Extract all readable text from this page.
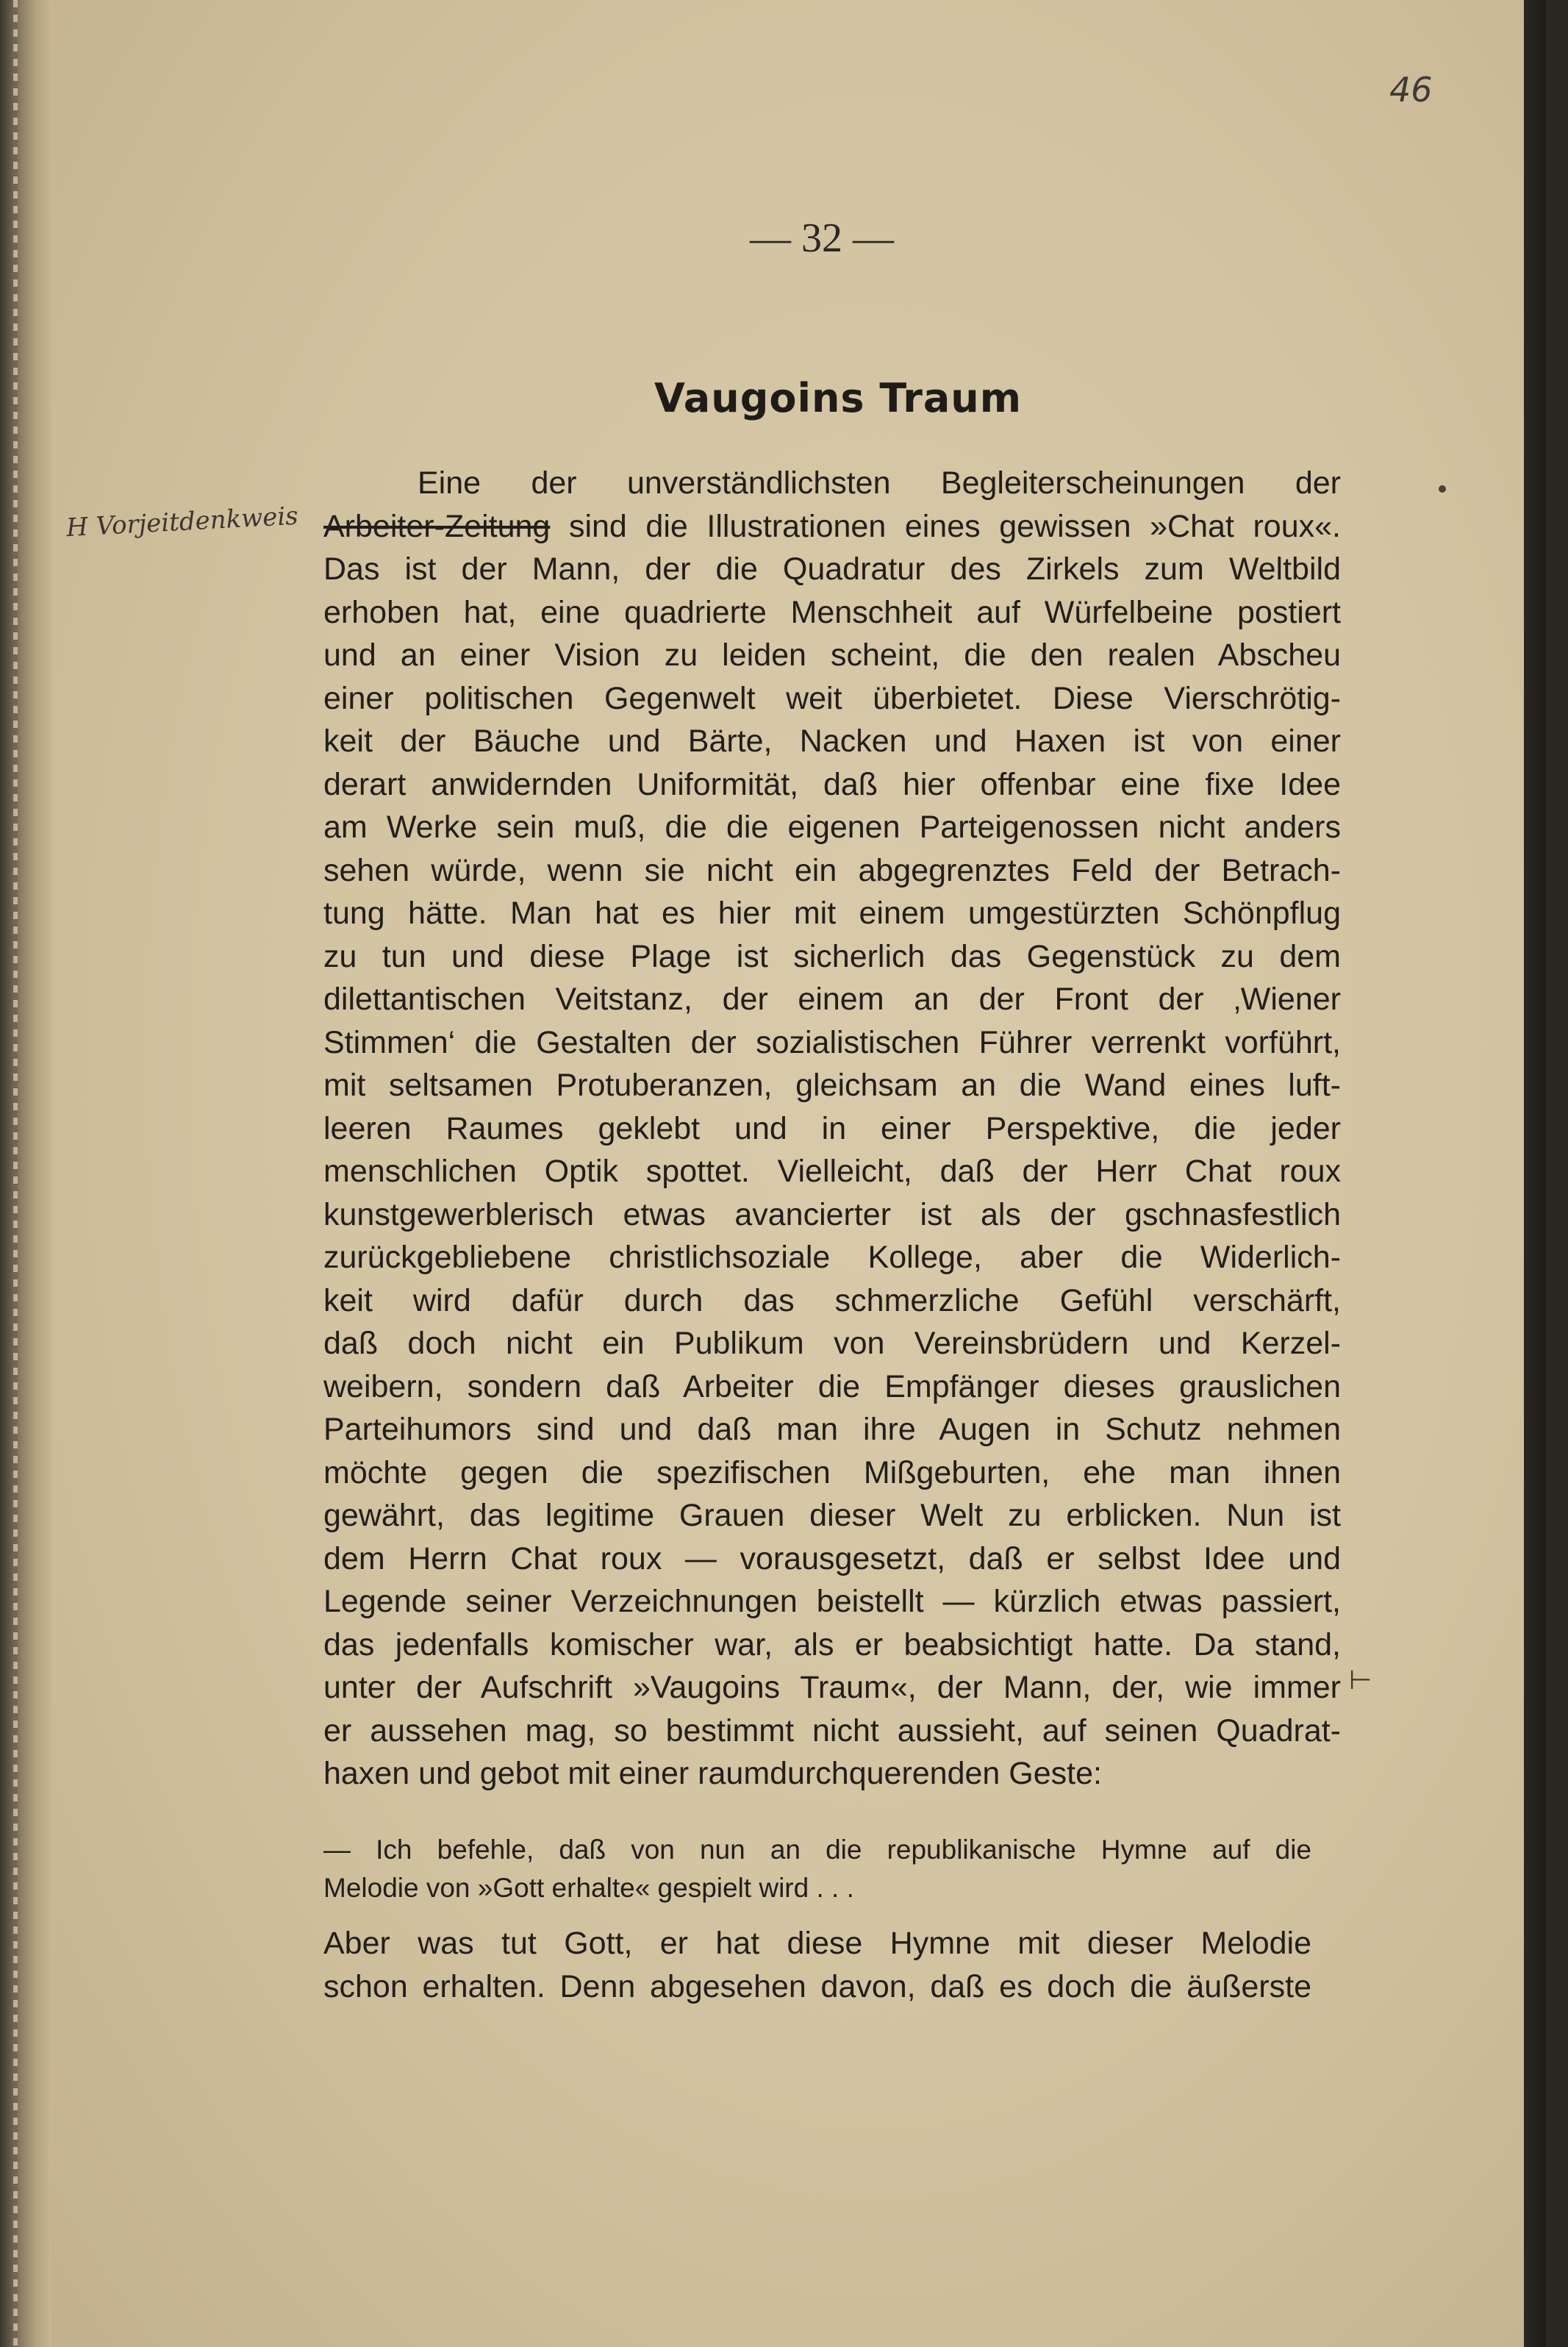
46
— 32 —
Vaugoins Traum
H Vorjeitdenkweis
⊢
Eine der unverständlichsten Begleiterscheinungen der
Arbeiter-Zeitung sind die Illustrationen eines gewissen »Chat roux«.
Das ist der Mann, der die Quadratur des Zirkels zum Weltbild
erhoben hat, eine quadrierte Menschheit auf Würfelbeine postiert
und an einer Vision zu leiden scheint, die den realen Abscheu
einer politischen Gegenwelt weit überbietet. Diese Vierschrötig-
keit der Bäuche und Bärte, Nacken und Haxen ist von einer
derart anwidernden Uniformität, daß hier offenbar eine fixe Idee
am Werke sein muß, die die eigenen Parteigenossen nicht anders
sehen würde, wenn sie nicht ein abgegrenztes Feld der Betrach-
tung hätte. Man hat es hier mit einem umgestürzten Schönpflug
zu tun und diese Plage ist sicherlich das Gegenstück zu dem
dilettantischen Veitstanz, der einem an der Front der ‚Wiener
Stimmen‘ die Gestalten der sozialistischen Führer verrenkt vorführt,
mit seltsamen Protuberanzen, gleichsam an die Wand eines luft-
leeren Raumes geklebt und in einer Perspektive, die jeder
menschlichen Optik spottet. Vielleicht, daß der Herr Chat roux
kunstgewerblerisch etwas avancierter ist als der gschnasfestlich
zurückgebliebene christlichsoziale Kollege, aber die Widerlich-
keit wird dafür durch das schmerzliche Gefühl verschärft,
daß doch nicht ein Publikum von Vereinsbrüdern und Kerzel-
weibern, sondern daß Arbeiter die Empfänger dieses grauslichen
Parteihumors sind und daß man ihre Augen in Schutz nehmen
möchte gegen die spezifischen Mißgeburten, ehe man ihnen
gewährt, das legitime Grauen dieser Welt zu erblicken. Nun ist
dem Herrn Chat roux — vorausgesetzt, daß er selbst Idee und
Legende seiner Verzeichnungen beistellt — kürzlich etwas passiert,
das jedenfalls komischer war, als er beabsichtigt hatte. Da stand,
unter der Aufschrift »Vaugoins Traum«, der Mann, der, wie immer
er aussehen mag, so bestimmt nicht aussieht, auf seinen Quadrat-
haxen und gebot mit einer raumdurchquerenden Geste:
— Ich befehle, daß von nun an die republikanische Hymne auf die
Melodie von »Gott erhalte« gespielt wird . . .
Aber was tut Gott, er hat diese Hymne mit dieser Melodie
schon erhalten. Denn abgesehen davon, daß es doch die äußerste
